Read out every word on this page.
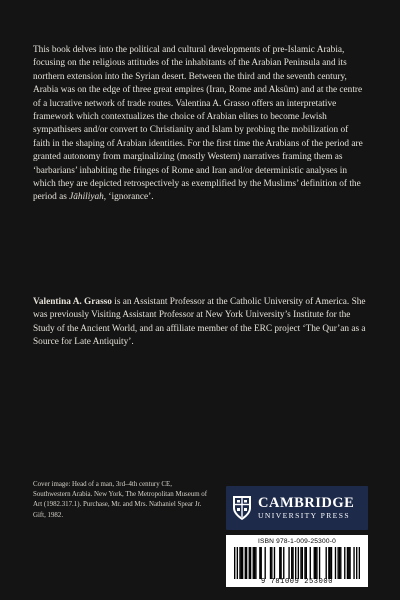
This book delves into the political and cultural developments of pre-Islamic Arabia, focusing on the religious attitudes of the inhabitants of the Arabian Peninsula and its northern extension into the Syrian desert. Between the third and the seventh century, Arabia was on the edge of three great empires (Iran, Rome and Aksûm) and at the centre of a lucrative network of trade routes. Valentina A. Grasso offers an interpretative framework which contextualizes the choice of Arabian elites to become Jewish sympathisers and/or convert to Christianity and Islam by probing the mobilization of faith in the shaping of Arabian identities. For the first time the Arabians of the period are granted autonomy from marginalizing (mostly Western) narratives framing them as ‘barbarians’ inhabiting the fringes of Rome and Iran and/or deterministic analyses in which they are depicted retrospectively as exemplified by the Muslims’ definition of the period as Jāhiliyah, ‘ignorance’.

Valentina A. Grasso is an Assistant Professor at the Catholic University of America. She was previously Visiting Assistant Professor at New York University’s Institute for the Study of the Ancient World, and an affiliate member of the ERC project ‘The Qur’an as a Source for Late Antiquity’.

Cover image: Head of a man, 3rd–4th century CE, Southwestern Arabia. New York, The Metropolitan Museum of Art (1982.317.1). Purchase, Mr. and Mrs. Nathaniel Spear Jr. Gift, 1982.

CAMBRIDGE
UNIVERSITY PRESS
ISBN 978-1-009-25300-0
9 781009 253000
